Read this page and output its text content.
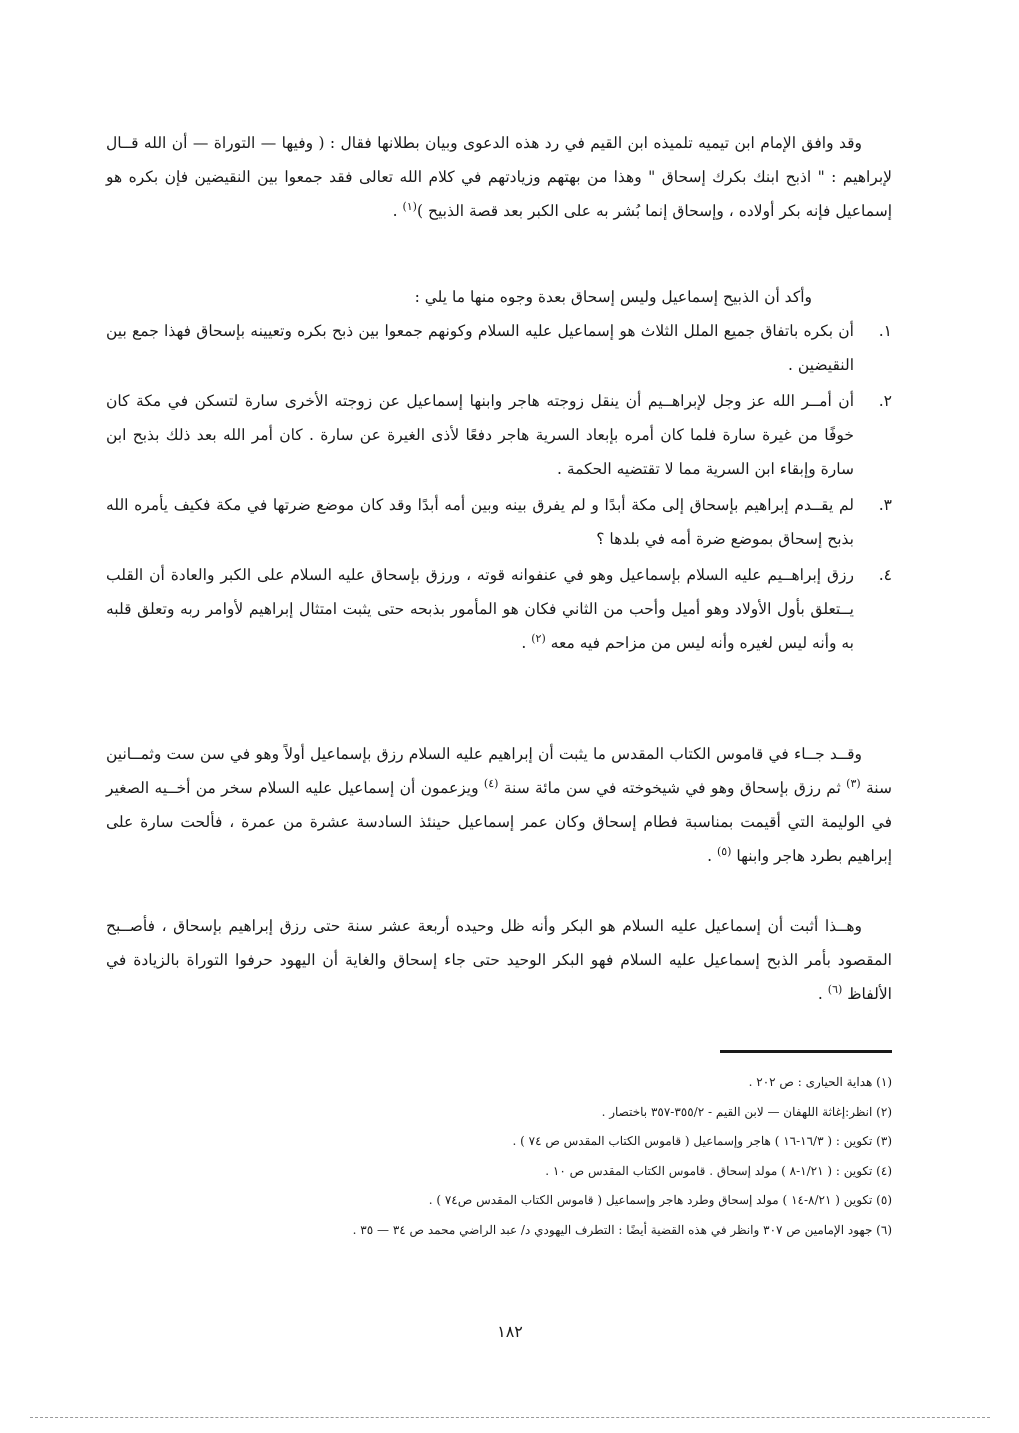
وقد وافق الإمام ابن تيميه تلميذه ابن القيم في رد هذه الدعوى وبيان بطلانها فقال : ( وفيها — التوراة — أن الله قــال لإبراهيم : " اذبح ابنك بكرك إسحاق " وهذا من بهتهم وزيادتهم في كلام الله تعالى فقد جمعوا بين النقيضين فإن بكره هو إسماعيل فإنه بكر أولاده ، وإسحاق إنما بُشر به على الكبر بعد قصة الذبيح )$^{(١)}$ .

وأكد أن الذبيح إسماعيل وليس إسحاق بعدة وجوه منها ما يلي :

١.
أن بكره باتفاق جميع الملل الثلاث هو إسماعيل عليه السلام وكونهم جمعوا بين ذبح بكره وتعيينه بإسحاق فهذا جمع بين النقيضين .
٢.
أن أمــر الله عز وجل لإبراهــيم أن ينقل زوجته هاجر وابنها إسماعيل عن زوجته الأخرى سارة لتسكن في مكة كان خوفًا من غيرة سارة فلما كان أمره بإبعاد السرية هاجر دفعًا لأذى الغيرة عن سارة . كان أمر الله بعد ذلك بذبح ابن سارة وإبقاء ابن السرية مما لا تقتضيه الحكمة .
٣.
لم يقــدم إبراهيم بإسحاق إلى مكة أبدًا و لم يفرق بينه وبين أمه أبدًا وقد كان موضع ضرتها في مكة فكيف يأمره الله بذبح إسحاق بموضع ضرة أمه في بلدها ؟
٤.
رزق إبراهــيم عليه السلام بإسماعيل وهو في عنفوانه قوته ، ورزق بإسحاق عليه السلام على الكبر والعادة أن القلب يــتعلق بأول الأولاد وهو أميل وأحب من الثاني فكان هو المأمور بذبحه حتى يثبت امتثال إبراهيم لأوامر ربه وتعلق قلبه به وأنه ليس لغيره وأنه ليس من مزاحم فيه معه $^{(٢)}$ .

وقــد جــاء في قاموس الكتاب المقدس ما يثبت أن إبراهيم عليه السلام رزق بإسماعيل أولاً وهو في سن ست وثمــانين سنة $^{(٣)}$ ثم رزق بإسحاق وهو في شيخوخته في سن مائة سنة $^{(٤)}$ ويزعمون أن إسماعيل عليه السلام سخر من أخــيه الصغير في الوليمة التي أقيمت بمناسبة فطام إسحاق وكان عمر إسماعيل حينئذ السادسة عشرة من عمرة ، فألحت سارة على إبراهيم بطرد هاجر وابنها $^{(٥)}$ .

وهــذا أثبت أن إسماعيل عليه السلام هو البكر وأنه ظل وحيده أربعة عشر سنة حتى رزق إبراهيم بإسحاق ، فأصــبح المقصود بأمر الذبح إسماعيل عليه السلام فهو البكر الوحيد حتى جاء إسحاق والغاية أن اليهود حرفوا التوراة بالزيادة في الألفاظ $^{(٦)}$ .

(١) هداية الحيارى : ص ٢٠٢ .
(٢) انظر:إغاثة اللهفان — لابن القيم - ٣٥٥/٢-٣٥٧ باختصار .
(٣) تكوين : ( ١٦/٣-١٦ ) هاجر وإسماعيل ( قاموس الكتاب المقدس ص ٧٤ ) .
(٤) تكوين : ( ١/٢١-٨ ) مولد إسحاق . قاموس الكتاب المقدس ص ١٠ .
(٥) تكوين ( ٨/٢١-١٤ ) مولد إسحاق وطرد هاجر وإسماعيل ( قاموس الكتاب المقدس ص٧٤ ) .
(٦) جهود الإمامين ص ٣٠٧ وانظر في هذه القضية أيضًا : التطرف اليهودي د/ عبد الراضي محمد ص ٣٤ — ٣٥ .
١٨٢
